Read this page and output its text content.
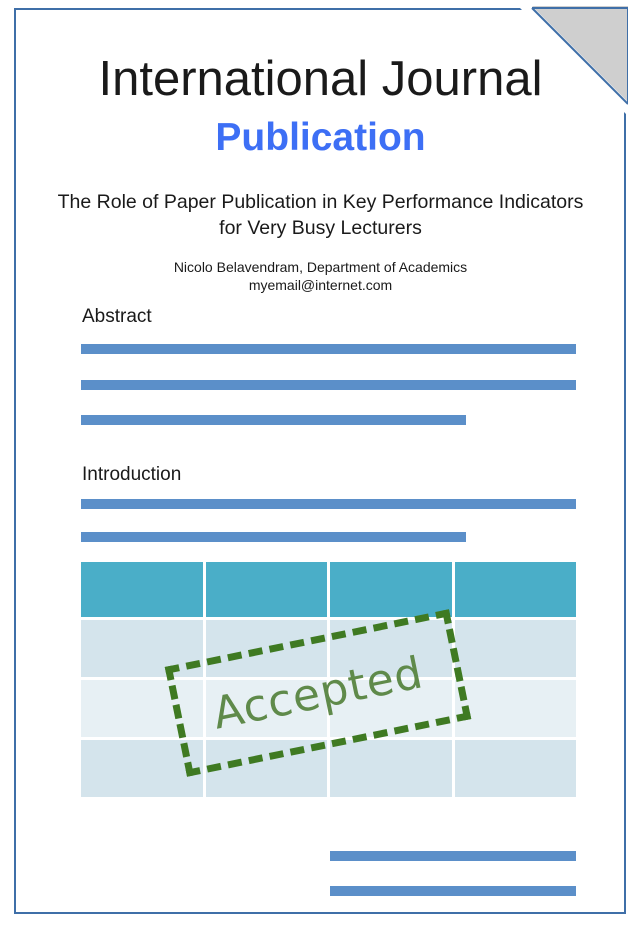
International Journal
Publication
The Role of Paper Publication in Key Performance Indicators for Very Busy Lecturers
Nicolo Belavendram, Department of Academics
myemail@internet.com
Abstract
Introduction
Accepted
